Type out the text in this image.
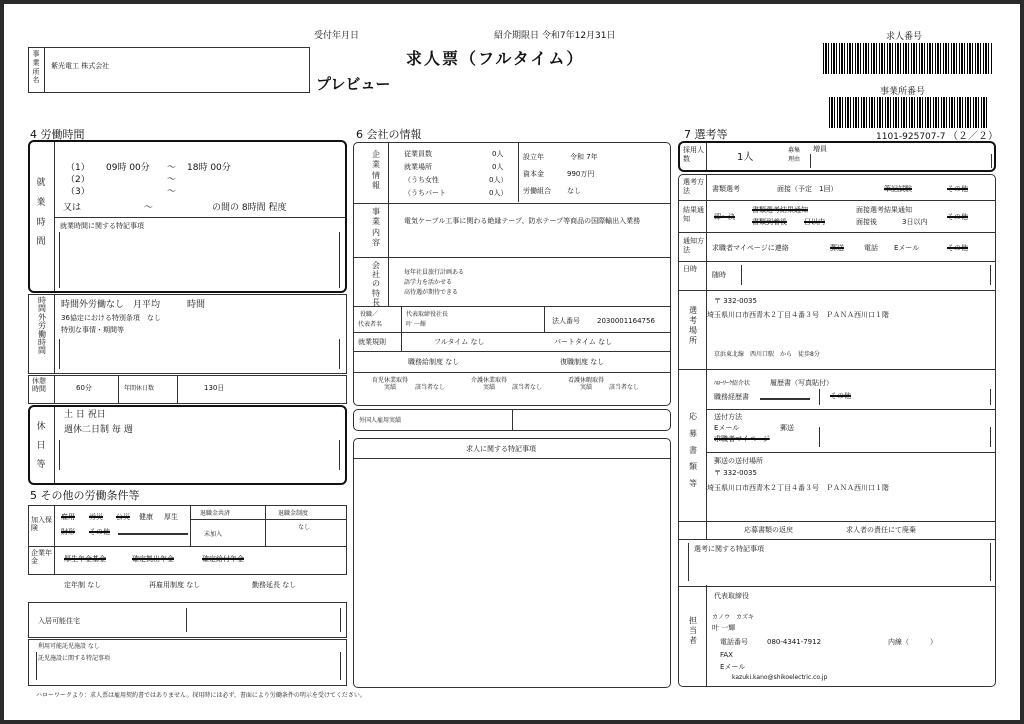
受付年月日	紹介期限日 令和7年12月31日
求人票（フルタイム）
プレビュー
求人番号
事業所番号
1101-925707-7 （２／２）
事業所名
紫光電工 株式会社
4 労働時間
就業時間
（1） 09時 00分 ～ 18時 00分
（2）	～
（3）	～
又は	～	の間の 8時間 程度
就業時間に関する特記事項
時間外労働時間
時間外労働なし　月平均　　　時間
36協定における特別条項　なし
特別な事情・期間等
休憩時間	60分	年間休日数	130日
休日等
土 日 祝日
週休二日制 毎 週
5 その他の労働条件等
加入保険
雇用 労災 公災 健康 厚生
財形 その他
退職金共済
未加入
退職金制度
なし
企業年金	厚生年金基金	確定拠出年金	確定給付年金
定年制 なし	再雇用制度 なし	勤務延長 なし
入居可能住宅
利用可能託児施設 なし
託児施設に関する特記事項
6 会社の情報
企業情報
従業員数	0人
就業場所	0人
（うち女性	0人）
（うちパート	0人）
設立年	令和 7年
資本金	990万円
労働組合 なし
事業内容
電気ケーブル工事に関わる絶縁テープ、防水テープ等商品の国際輸出入業務
会社の特長
毎年社員旅行計画ある
語学力を活かせる
高待遇が期待できる
役職／
代表者名
代表取締役社長
叶 一輝	法人番号 2030001164756
就業規則	フルタイム なし	パートタイム なし
職務給制度 なし	復職制度 なし
育児休業取得実績	該当者なし
介護休業取得実績	該当者なし
看護休暇取得実績	該当者なし
外国人雇用実績
求人に関する特記事項
7 選考等
採用人数	1人
募集
理由
増員
選考方法	書類選考	面接（予定　1回）	筆記試験	その他
結果通知	即～決
書類選考結果通知
書類到着後 日以内
面接選考結果通知
面接後	3日以内
その他
通知方法	求職者マイページに連絡	郵送	電話 Eメール	その他
日時
随時
選考場所
〒 332-0035
埼玉県川口市西青木２丁目４番３号　ＰＡＮＡ西川口１階
京浜東北線　西川口駅　から　徒歩8分
応募書類等
ﾊﾛｰﾜｰｸ紹介状	履歴書（写真貼付）
職務経歴書	その他
送付方法
Eメール	郵送
求職者マイページ
郵送の送付場所
〒 332-0035
埼玉県川口市西青木２丁目４番３号　ＰＡＮＡ西川口１階
応募書類の返戻	求人者の責任にて廃棄
選考に関する特記事項
担当者
代表取締役
カノウ　カズキ
叶 一輝
電話番号	080-4341-7912	内線（　　　）
FAX
Eメール
kazuki.kano@shikoelectric.co.jp
ハローワークより：求人票は雇用契約書ではありません。採用時には必ず、書面により労働条件の明示を受けてください。
